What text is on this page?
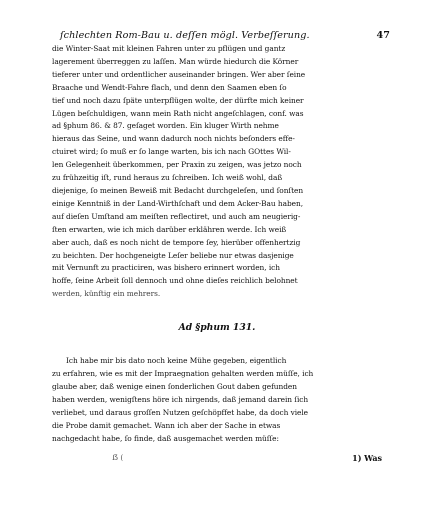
ſchlechten Rom-Bau u. deſſen mögl. Verbeſſerung.	47
die Winter-Saat mit kleinen Fahren unter zu pflügen und gantz
lagerement überreggen zu laſſen. Man würde hiedurch die Körner
tieferer unter und ordentlicher auseinander bringen. Wer aber ſeine
Braache und Wendt-Fahre flach, und denn den Saamen eben ſo
tief und noch dazu ſpäte unterpflügen wolte, der dürfte mich keiner
Lügen beſchuldigen, wann mein Rath nicht angeſchlagen, conf. was
ad §phum 86. & 87. geſaget worden. Ein kluger Wirth nehme
hieraus das Seine, und wann dadurch noch nichts beſonders effe-
ctuiret wird; ſo muß er ſo lange warten, bis ich nach GOttes Wil-
len Gelegenheit überkommen, per Praxin zu zeigen, was jetzo noch
zu frühzeitig iſt, rund heraus zu ſchreiben. Ich weiß wohl, daß
diejenige, ſo meinen Beweiß mit Bedacht durchgeleſen, und ſonſten
einige Kenntniß in der Land-Wirthſchaft und dem Acker-Bau haben,
auf dieſen Umſtand am meiſten reflectiret, und auch am neugierig-
ſten erwarten, wie ich mich darüber erklähren werde. Ich weiß
aber auch, daß es noch nicht de tempore ſey, hierüber offenhertzig
zu beichten. Der hochgeneigte Leſer beliebe nur etwas dasjenige
mit Vernunft zu practiciren, was bishero erinnert worden, ich
hoffe, ſeine Arbeit ſoll dennoch und ohne dieſes reichlich belohnet
werden, künftig ein mehrers.
Ad §phum 131.
Ich habe mir bis dato noch keine Mühe gegeben, eigentlich
zu erfahren, wie es mit der Impraegnation gehalten werden müſſe, ich
glaube aber, daß wenige einen ſonderlichen Gout daben gefunden
haben werden, wenigſtens höre ich nirgends, daß jemand darein ſich
verliebet, und daraus groſſen Nutzen geſchöpffet habe, da doch viele
die Probe damit gemachet. Wann ich aber der Sache in etwas
nachgedacht habe, ſo finde, daß ausgemachet werden müſſe:
ẞ (	1) Was
